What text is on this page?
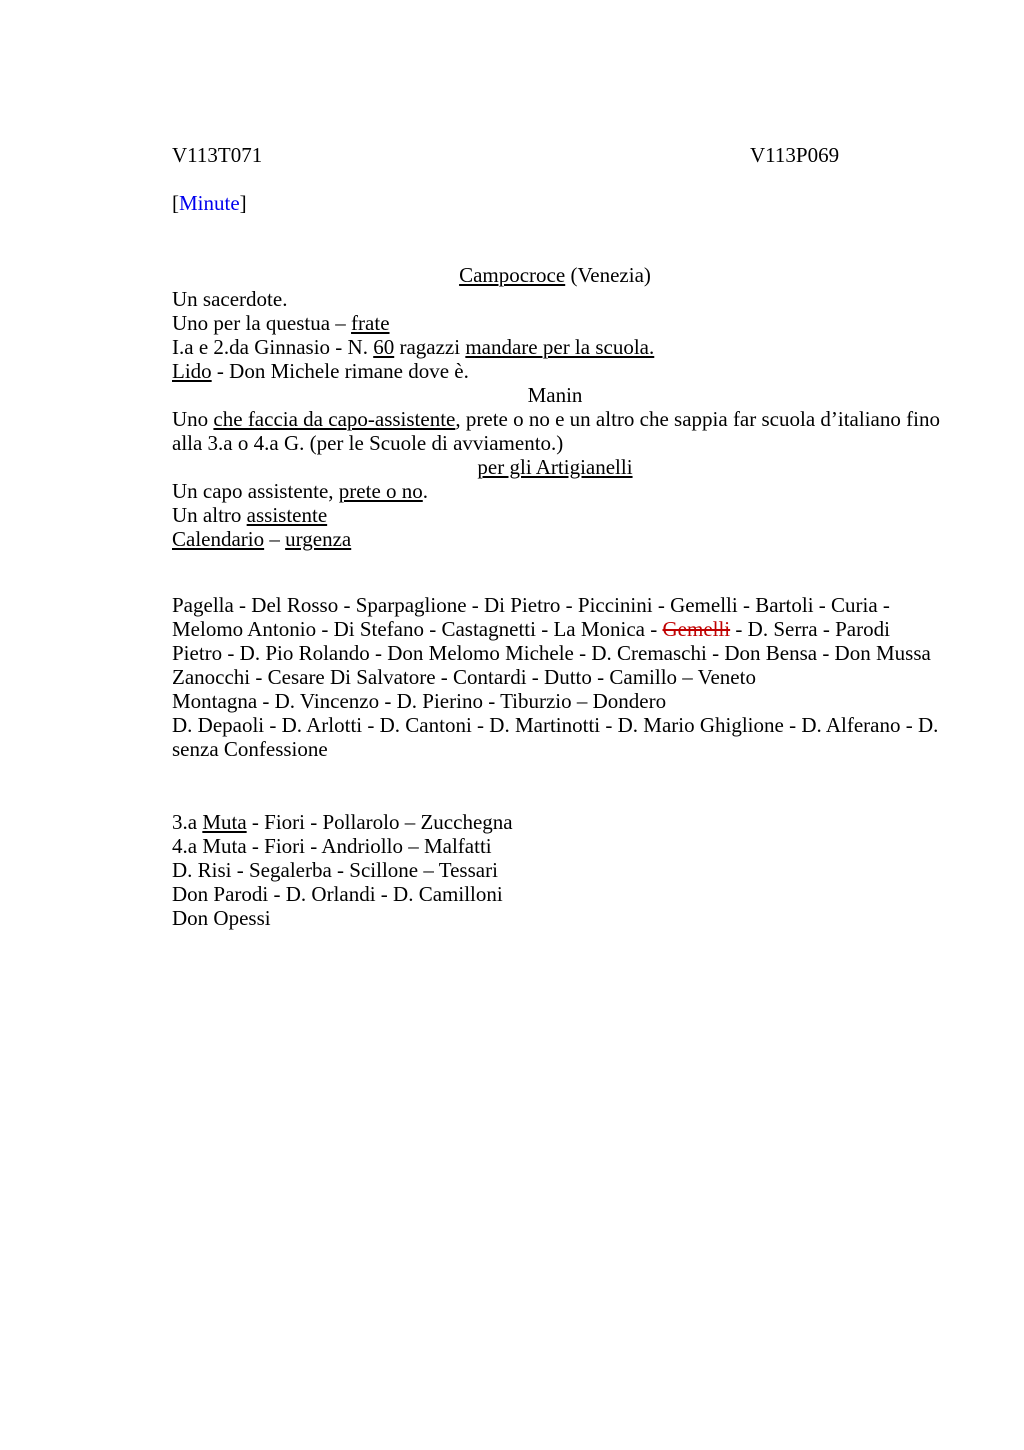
V113T071	V113P069
[Minute]
Campocroce (Venezia)
Un sacerdote.
Uno per la questua – frate
I.a e 2.da Ginnasio - N. 60 ragazzi mandare per la scuola.
Lido - Don Michele rimane dove è.
Manin
Uno che faccia da capo-assistente, prete o no e un altro che sappia far scuola d’italiano fino
alla 3.a o 4.a G. (per le Scuole di avviamento.)
per gli Artigianelli
Un capo assistente, prete o no.
Un altro assistente
Calendario – urgenza
Pagella - Del Rosso - Sparpaglione - Di Pietro - Piccinini - Gemelli - Bartoli - Curia -
Melomo Antonio - Di Stefano - Castagnetti - La Monica - Gemelli - D. Serra - Parodi
Pietro - D. Pio Rolando - Don Melomo Michele - D. Cremaschi - Don Bensa - Don Mussa
Zanocchi - Cesare Di Salvatore - Contardi - Dutto - Camillo – Veneto
Montagna - D. Vincenzo - D. Pierino - Tiburzio – Dondero
D. Depaoli - D. Arlotti - D. Cantoni - D. Martinotti - D. Mario Ghiglione - D. Alferano - D.
senza Confessione
3.a Muta - Fiori - Pollarolo – Zucchegna
4.a Muta - Fiori - Andriollo – Malfatti
D. Risi - Segalerba - Scillone – Tessari
Don Parodi - D. Orlandi - D. Camilloni
Don Opessi
